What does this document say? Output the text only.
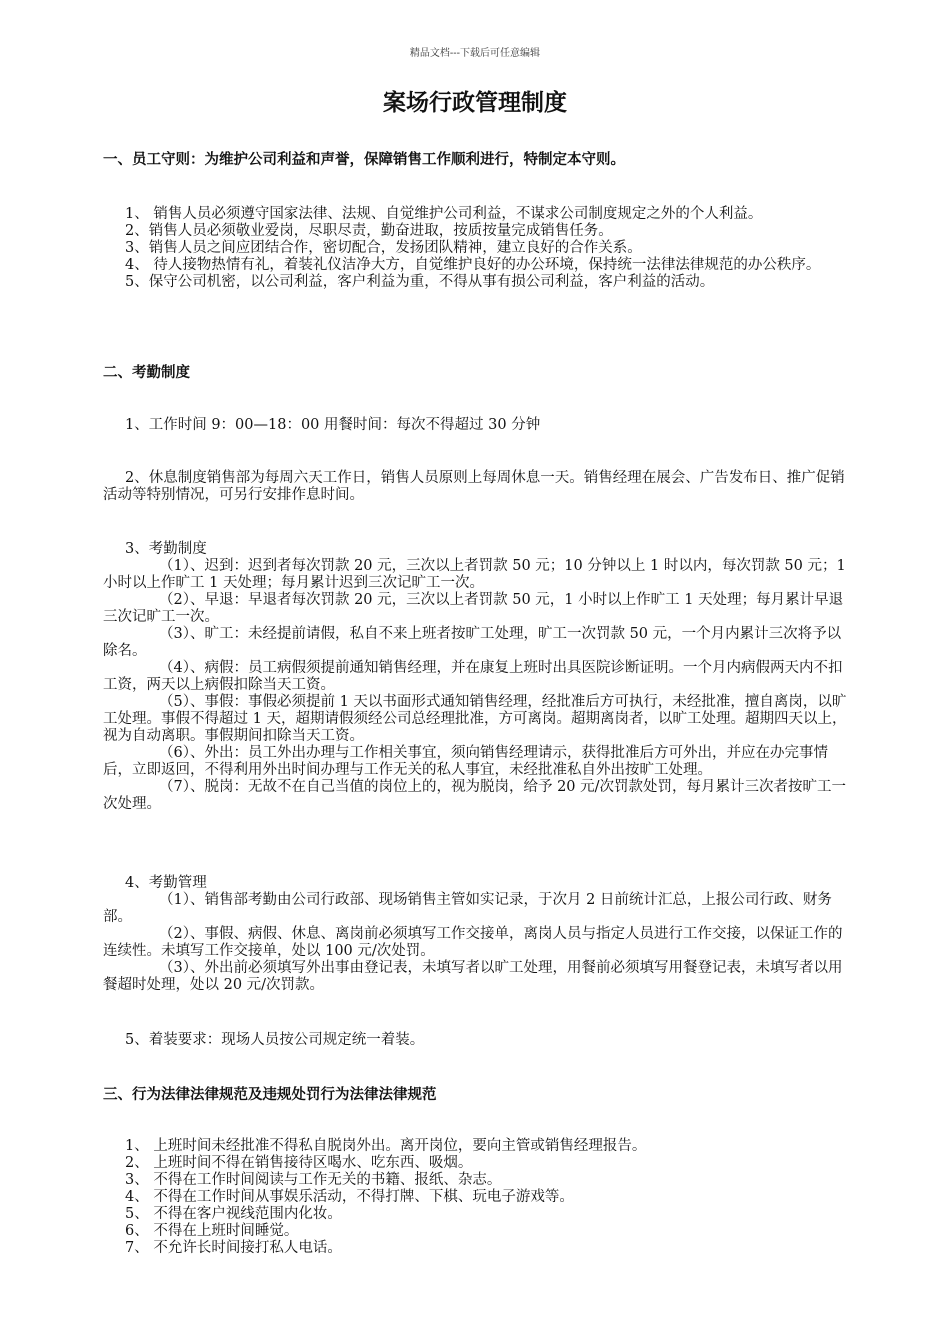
精品文档---下载后可任意编辑
案场行政管理制度
一、员工守则：为维护公司利益和声誉，保障销售工作顺利进行，特制定本守则。

1、 销售人员必须遵守国家法律、法规、自觉维护公司利益，不谋求公司制度规定之外的个人利益。

2、销售人员必须敬业爱岗，尽职尽责，勤奋进取，按质按量完成销售任务。

3、销售人员之间应团结合作，密切配合，发扬团队精神，建立良好的合作关系。

4、 待人接物热情有礼，着装礼仪洁净大方，自觉维护良好的办公环境，保持统一法律法律规范的办公秩序。

5、保守公司机密，以公司利益，客户利益为重，不得从事有损公司利益，客户利益的活动。

二、考勤制度

1、工作时间 9：00—18：00 用餐时间：每次不得超过 30 分钟

2、休息制度销售部为每周六天工作日，销售人员原则上每周休息一天。销售经理在展会、广告发布日、推广促销活动等特别情况，可另行安排作息时间。

3、考勤制度

（1）、迟到：迟到者每次罚款 20 元，三次以上者罚款 50 元；10 分钟以上 1 时以内，每次罚款 50 元；1 小时以上作旷工 1 天处理；每月累计迟到三次记旷工一次。

（2）、早退：早退者每次罚款 20 元，三次以上者罚款 50 元，1 小时以上作旷工 1 天处理；每月累计早退三次记旷工一次。

（3）、旷工：未经提前请假，私自不来上班者按旷工处理，旷工一次罚款 50 元，一个月内累计三次将予以除名。

（4）、病假：员工病假须提前通知销售经理，并在康复上班时出具医院诊断证明。一个月内病假两天内不扣工资，两天以上病假扣除当天工资。

（5）、事假：事假必须提前 1 天以书面形式通知销售经理，经批准后方可执行，未经批准，擅自离岗，以旷工处理。事假不得超过 1 天，超期请假须经公司总经理批准，方可离岗。超期离岗者，以旷工处理。超期四天以上，视为自动离职。事假期间扣除当天工资。

（6）、外出：员工外出办理与工作相关事宜，须向销售经理请示，获得批准后方可外出，并应在办完事情后，立即返回，不得利用外出时间办理与工作无关的私人事宜，未经批准私自外出按旷工处理。

（7）、脱岗：无故不在自己当值的岗位上的，视为脱岗，给予 20 元/次罚款处罚，每月累计三次者按旷工一次处理。

4、考勤管理

（1）、销售部考勤由公司行政部、现场销售主管如实记录，于次月 2 日前统计汇总，上报公司行政、财务部。

（2）、事假、病假、休息、离岗前必须填写工作交接单，离岗人员与指定人员进行工作交接，以保证工作的连续性。未填写工作交接单，处以 100 元/次处罚。

（3）、外出前必须填写外出事由登记表，未填写者以旷工处理，用餐前必须填写用餐登记表，未填写者以用餐超时处理，处以 20 元/次罚款。

5、着装要求：现场人员按公司规定统一着装。

三、行为法律法律规范及违规处罚行为法律法律规范

1、 上班时间未经批准不得私自脱岗外出。离开岗位，要向主管或销售经理报告。

2、 上班时间不得在销售接待区喝水、吃东西、吸烟。

3、 不得在工作时间阅读与工作无关的书籍、报纸、杂志。

4、 不得在工作时间从事娱乐活动，不得打牌、下棋、玩电子游戏等。

5、 不得在客户视线范围内化妆。

6、 不得在上班时间睡觉。

7、 不允许长时间接打私人电话。
